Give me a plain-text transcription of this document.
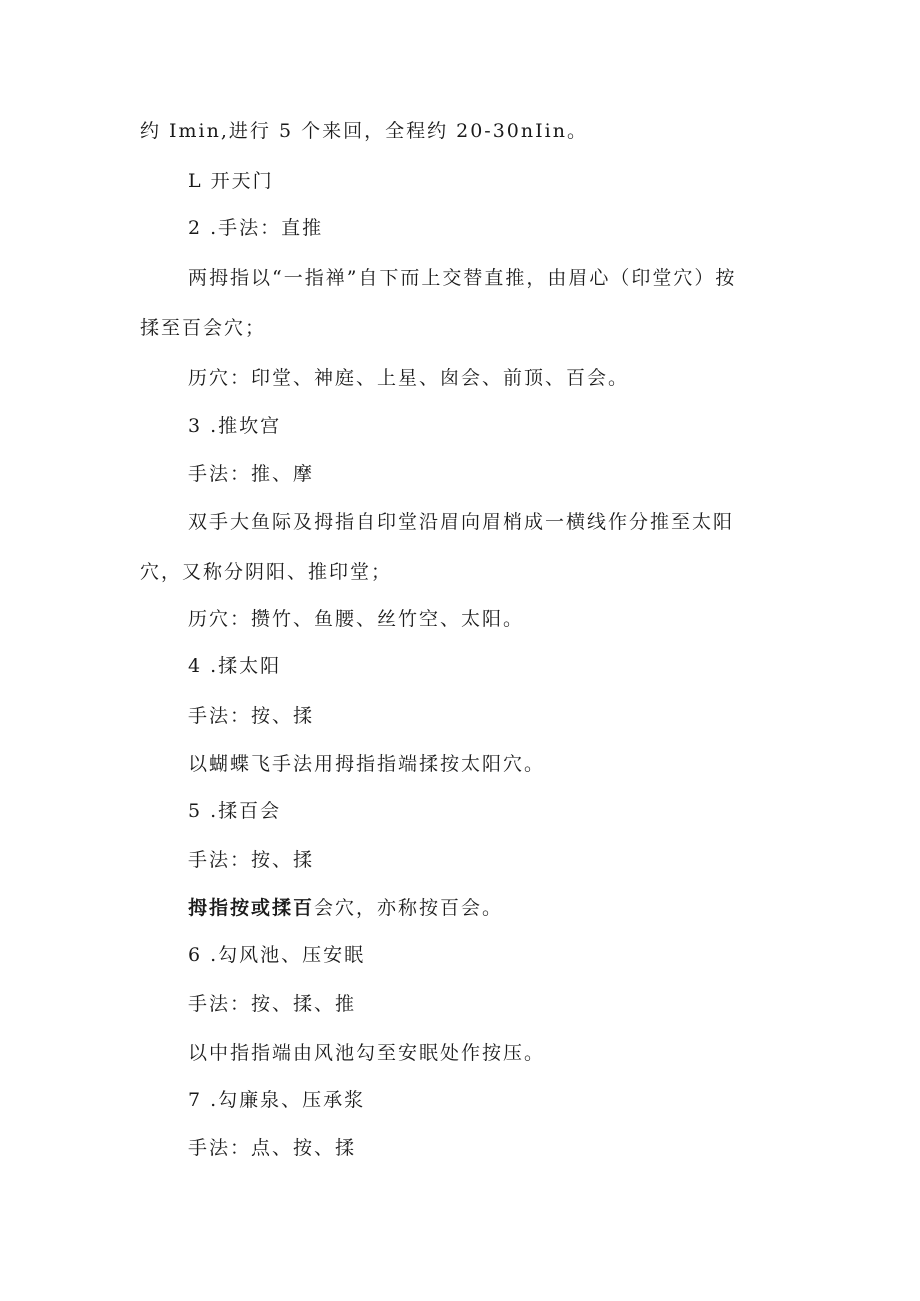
约 Imin,进行 5 个来回，全程约 20-30nIin。
L 开天门
2 .手法：直推
两拇指以“一指禅”自下而上交替直推，由眉心（印堂穴）按
揉至百会穴；
历穴：印堂、神庭、上星、囱会、前顶、百会。
3 .推坎宫
手法：推、摩
双手大鱼际及拇指自印堂沿眉向眉梢成一横线作分推至太阳
穴，又称分阴阳、推印堂；
历穴：攒竹、鱼腰、丝竹空、太阳。
4 .揉太阳
手法：按、揉
以蝴蝶飞手法用拇指指端揉按太阳穴。
5 .揉百会
手法：按、揉
拇指按或揉百会穴，亦称按百会。
6 .勾风池、压安眠
手法：按、揉、推
以中指指端由风池勾至安眠处作按压。
7 .勾廉泉、压承浆
手法：点、按、揉
